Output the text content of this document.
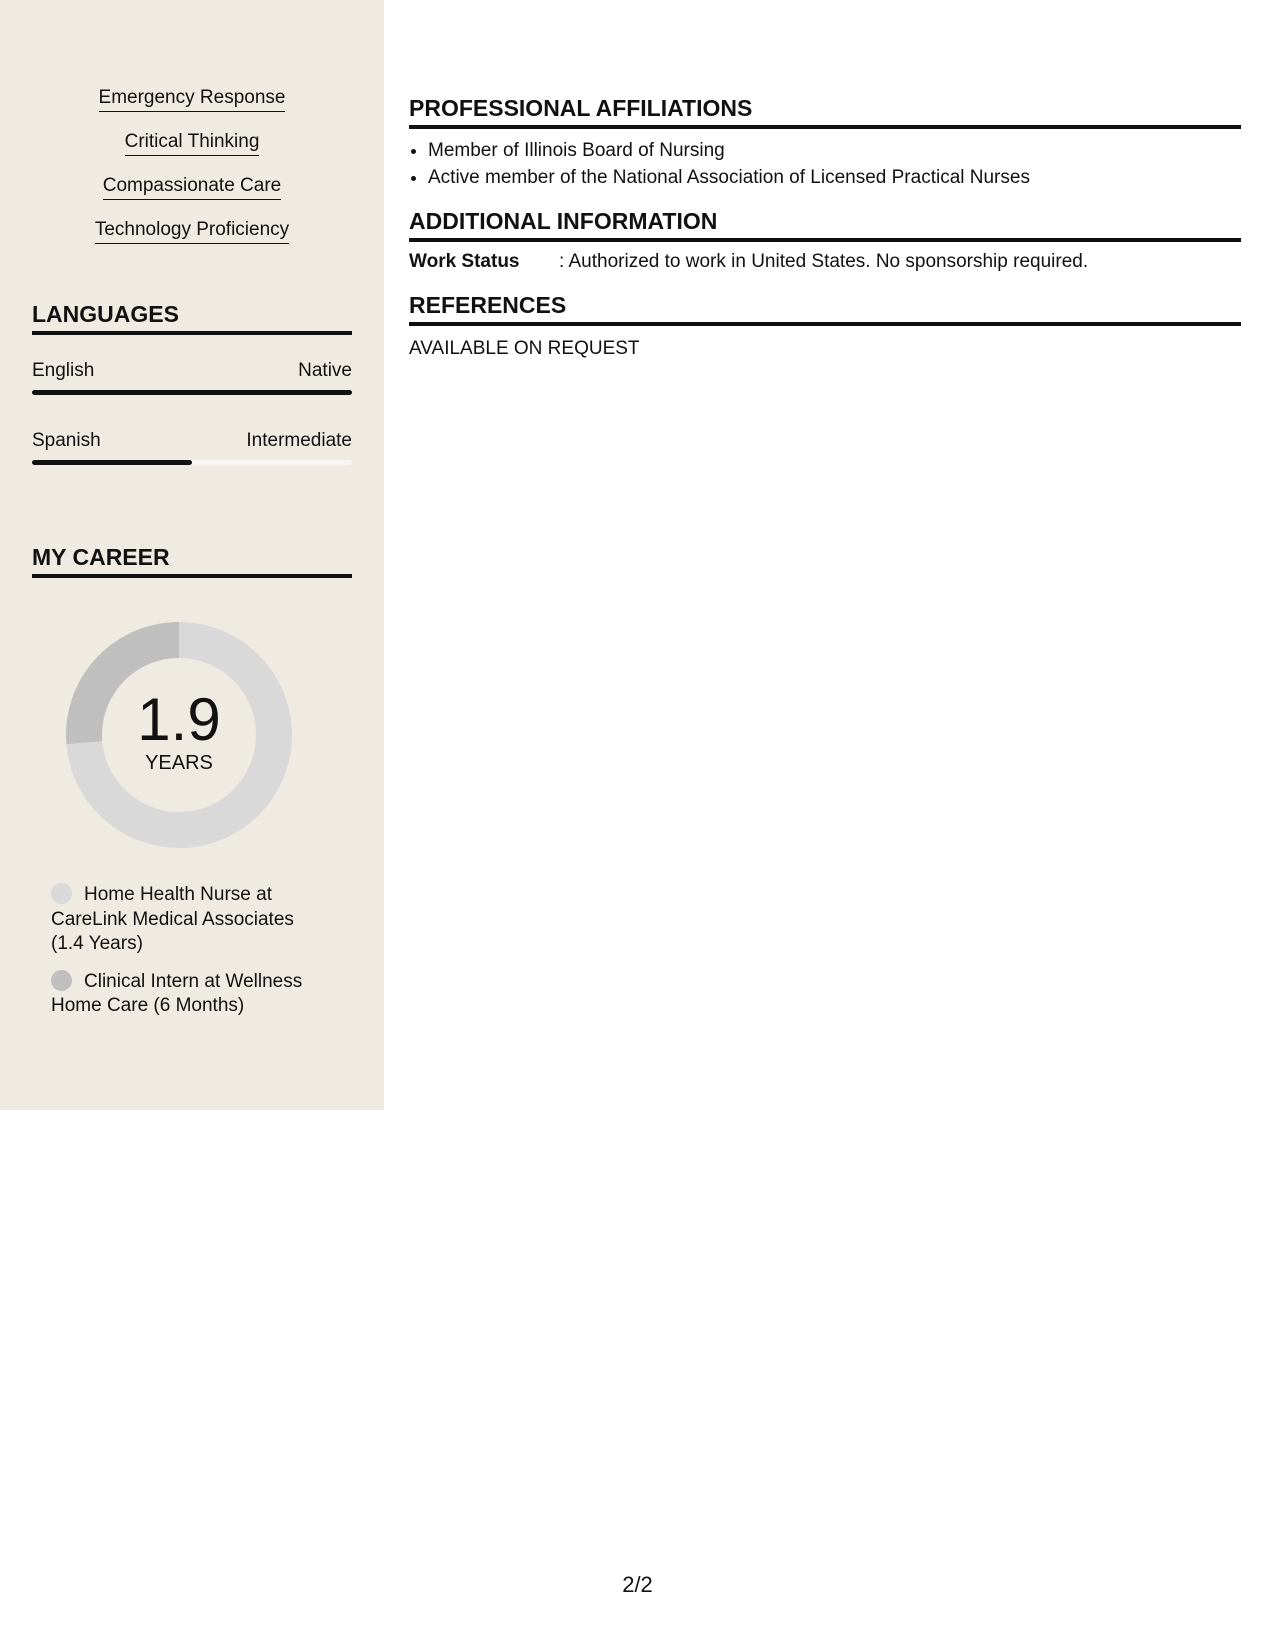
Emergency Response
Critical Thinking
Compassionate Care
Technology Proficiency
LANGUAGES
English	Native
Spanish	Intermediate
MY CAREER
1.9
YEARS
Home Health Nurse at CareLink Medical Associates (1.4 Years)
Clinical Intern at Wellness Home Care (6 Months)
PROFESSIONAL AFFILIATIONS
• Member of Illinois Board of Nursing
• Active member of the National Association of Licensed Practical Nurses
ADDITIONAL INFORMATION
Work Status	: Authorized to work in United States. No sponsorship required.
REFERENCES
AVAILABLE ON REQUEST
2/2
